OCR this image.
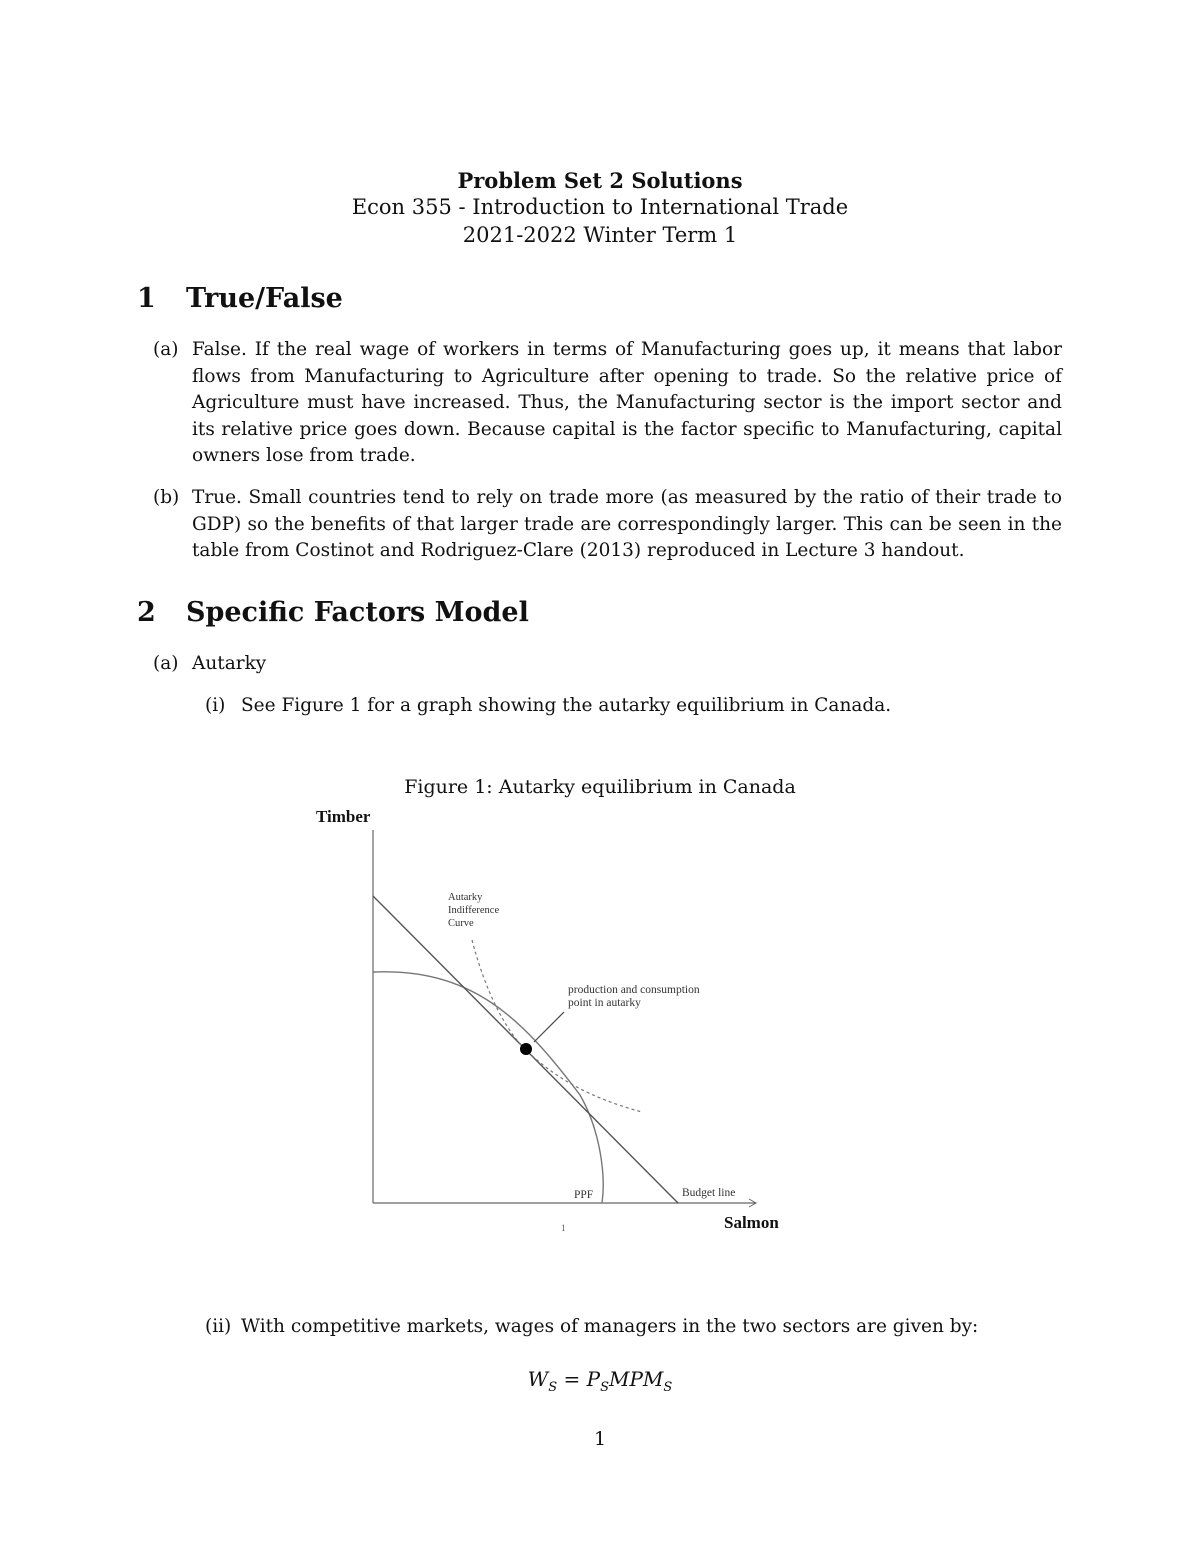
Problem Set 2 Solutions
Econ 355 - Introduction to International Trade
2021-2022 Winter Term 1
1 True/False
(a) False. If the real wage of workers in terms of Manufacturing goes up, it means that labor flows from Manufacturing to Agriculture after opening to trade. So the relative price of Agriculture must have increased. Thus, the Manufacturing sector is the import sector and its relative price goes down. Because capital is the factor specific to Manufacturing, capital owners lose from trade.
(b) True. Small countries tend to rely on trade more (as measured by the ratio of their trade to GDP) so the benefits of that larger trade are correspondingly larger. This can be seen in the table from Costinot and Rodriguez-Clare (2013) reproduced in Lecture 3 handout.
2 Specific Factors Model
(a) Autarky
(i) See Figure 1 for a graph showing the autarky equilibrium in Canada.
Figure 1: Autarky equilibrium in Canada
Timber
Salmon
Autarky Indifference Curve
production and consumption point in autarky
PPF	Budget line
1
(ii) With competitive markets, wages of managers in the two sectors are given by:
$W_S = P_SMPM_S$
1
